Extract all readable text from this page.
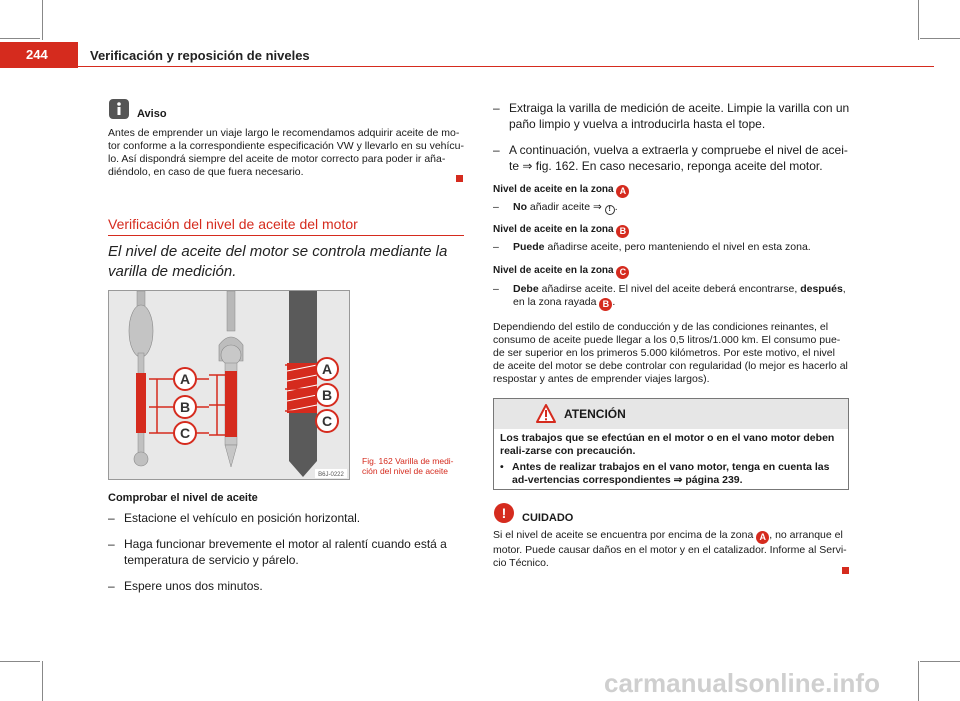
244	Verificación y reposición de niveles
Aviso
Antes de emprender un viaje largo le recomendamos adquirir aceite de mo-tor conforme a la correspondiente especificación VW y llevarlo en su vehícu-lo. Así dispondrá siempre del aceite de motor correcto para poder ir aña-diéndolo, en caso de que fuera necesario.
Verificación del nivel de aceite del motor
El nivel de aceite del motor se controla mediante la varilla de medición.
A
B
C
A
B
C
B6J-0222
Fig. 162 Varilla de medi-ción del nivel de aceite
Comprobar el nivel de aceite
– Estacione el vehículo en posición horizontal.
– Haga funcionar brevemente el motor al ralentí cuando está a temperatura de servicio y párelo.
– Espere unos dos minutos.
– Extraiga la varilla de medición de aceite. Limpie la varilla con un paño limpio y vuelva a introducirla hasta el tope.
– A continuación, vuelva a extraerla y compruebe el nivel de acei-te ⇒ fig. 162. En caso necesario, reponga aceite del motor.
Nivel de aceite en la zona A
– No añadir aceite ⇒ ! .
Nivel de aceite en la zona B
– Puede añadirse aceite, pero manteniendo el nivel en esta zona.
Nivel de aceite en la zona C
– Debe añadirse aceite. El nivel del aceite deberá encontrarse, después, en la zona rayada B .
Dependiendo del estilo de conducción y de las condiciones reinantes, el consumo de aceite puede llegar a los 0,5 litros/1.000 km. El consumo pue-de ser superior en los primeros 5.000 kilómetros. Por este motivo, el nivel de aceite del motor se debe controlar con regularidad (lo mejor es hacerlo al respostar y antes de emprender viajes largos).
ATENCIÓN
Los trabajos que se efectúan en el motor o en el vano motor deben reali-zarse con precaución.
• Antes de realizar trabajos en el vano motor, tenga en cuenta las ad-vertencias correspondientes ⇒ página 239.
!	CUIDADO
Si el nivel de aceite se encuentra por encima de la zona A , no arranque el motor. Puede causar daños en el motor y en el catalizador. Informe al Servi-cio Técnico.
carmanualsonline.info
